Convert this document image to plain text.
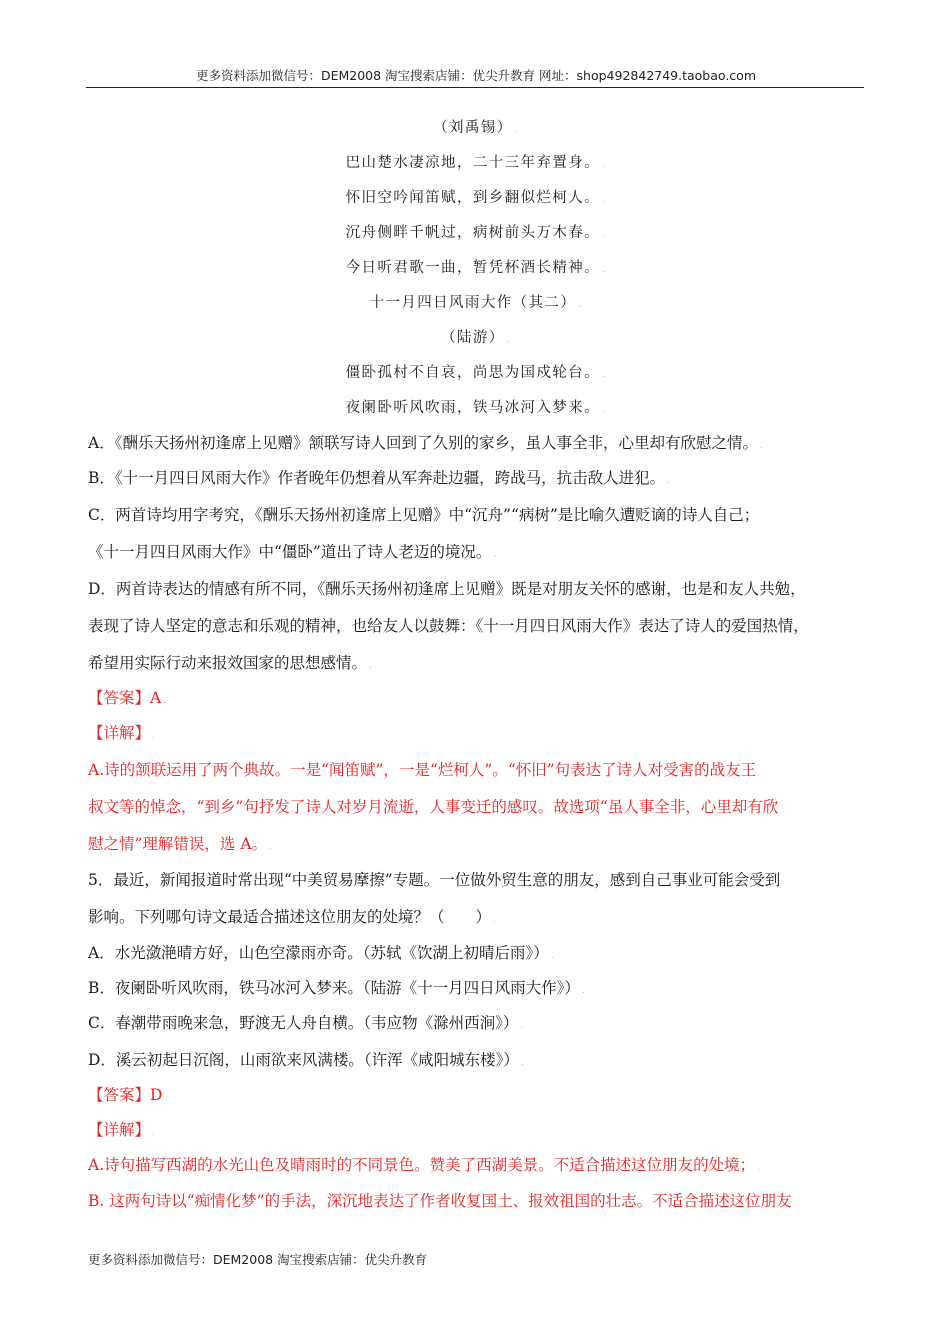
更多资料添加微信号：DEM2008 淘宝搜索店铺：优尖升教育 网址：shop492842749.taobao.com
（刘禹锡） .
巴山楚水凄凉地，二十三年弃置身。 .
怀旧空吟闻笛赋，到乡翻似烂柯人。 .
沉舟侧畔千帆过，病树前头万木春。 .
今日听君歌一曲，暂凭杯酒长精神。 .
十一月四日风雨大作（其二） .
（陆游） .
僵卧孤村不自哀，尚思为国戍轮台。 .
夜阑卧听风吹雨，铁马冰河入梦来。 .
A．《酬乐天扬州初逢席上见赠》颔联写诗人回到了久别的家乡，虽人事全非，心里却有欣慰之情。 .
B．《十一月四日风雨大作》作者晚年仍想着从军奔赴边疆，跨战马，抗击敌人进犯。 .
C．两首诗均用字考究，《酬乐天扬州初逢席上见赠》中“沉舟”“病树”是比喻久遭贬谪的诗人自己；
《十一月四日风雨大作》中“僵卧”道出了诗人老迈的境况。 .
D．两首诗表达的情感有所不同，《酬乐天扬州初逢席上见赠》既是对朋友关怀的感谢，也是和友人共勉，
表现了诗人坚定的意志和乐观的精神，也给友人以鼓舞：《十一月四日风雨大作》表达了诗人的爱国热情，
希望用实际行动来报效国家的思想感情。 .
【答案】A .
【详解】 .
A.诗的颔联运用了两个典故。一是“闻笛赋”，一是“烂柯人”。“怀旧”句表达了诗人对受害的战友王
叔文等的悼念，“到乡”句抒发了诗人对岁月流逝，人事变迁的感叹。故选项“虽人事全非，心里却有欣
慰之情”理解错误，选 A。 .
5．最近，新闻报道时常出现“中美贸易摩擦”专题。一位做外贸生意的朋友，感到自己事业可能会受到
影响。下列哪句诗文最适合描述这位朋友的处境？（　　） .
A．水光潋滟晴方好，山色空濛雨亦奇。（苏轼《饮湖上初晴后雨》） .
B．夜阑卧听风吹雨，铁马冰河入梦来。（陆游《十一月四日风雨大作》） .
C．春潮带雨晚来急，野渡无人舟自横。（韦应物《滁州西涧》） .
D．溪云初起日沉阁，山雨欲来风满楼。（许浑《咸阳城东楼》） .
【答案】D .
【详解】 .
A.诗句描写西湖的水光山色及晴雨时的不同景色。赞美了西湖美景。不适合描述这位朋友的处境； .
B. 这两句诗以“痴情化梦”的手法，深沉地表达了作者收复国土、报效祖国的壮志。不适合描述这位朋友
更多资料添加微信号：DEM2008 淘宝搜索店铺：优尖升教育
